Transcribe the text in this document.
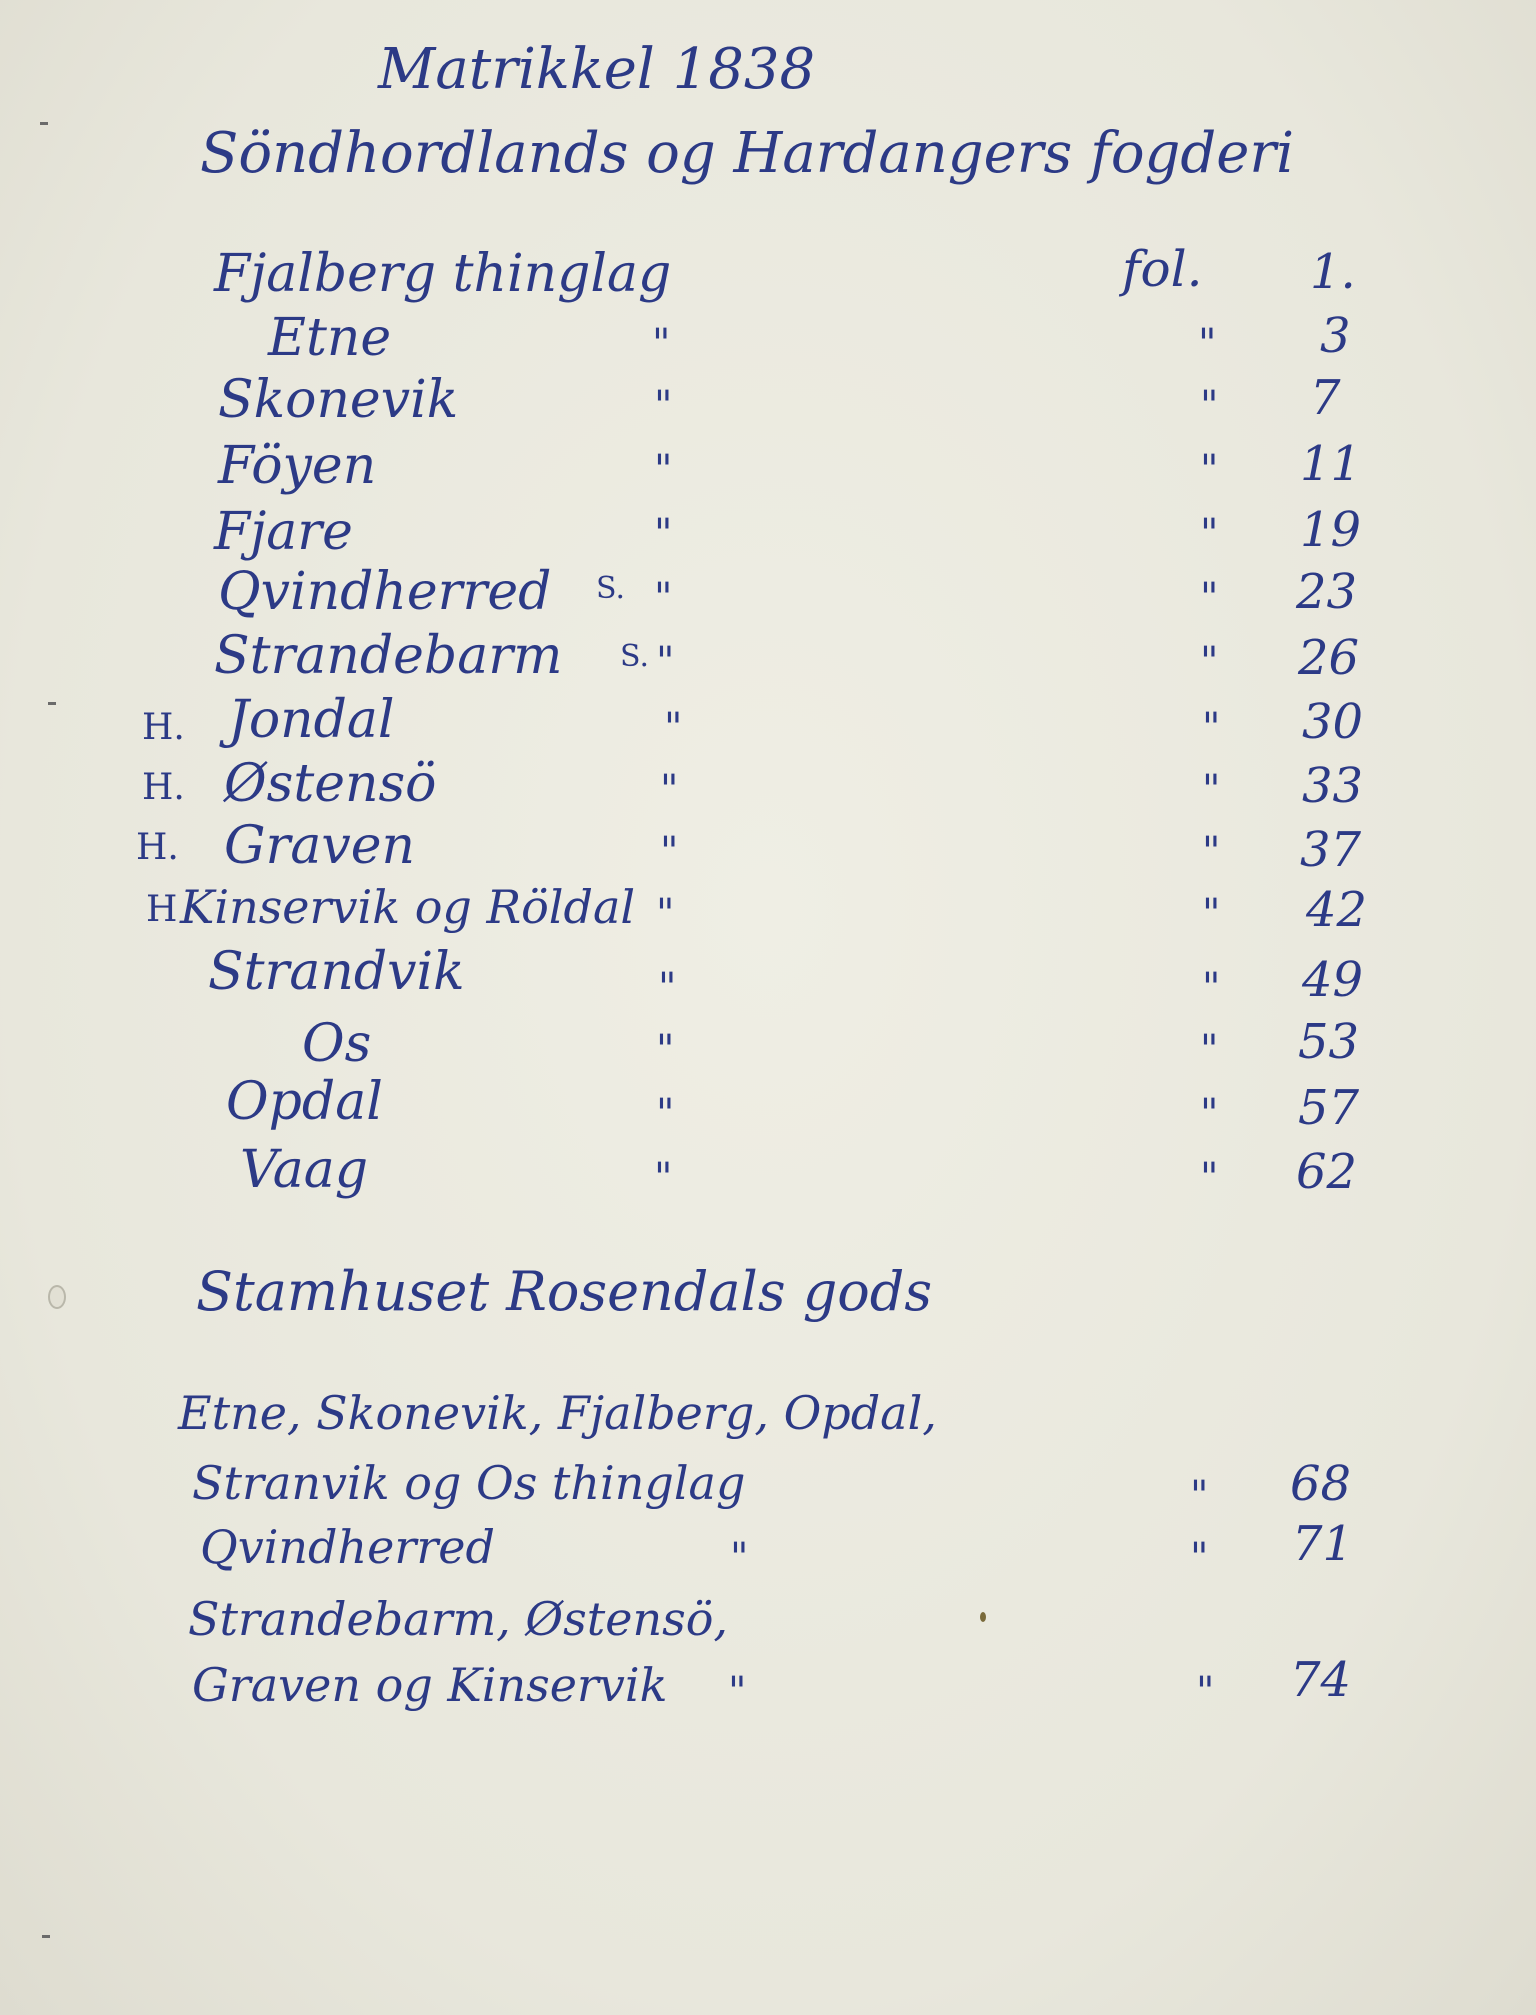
Matrikkel 1838
Söndhordlands og Hardangers fogderi
Fjalberg thinglag	fol. 1.
Etne	"	" 3
Skonevik	"	" 7
Föyen	"	" 11
Fjare	"	" 19
Qvindherred S. "	" 23
Strandebarm S. "	" 26
H. Jondal	"	" 30
H. Østensö	"	" 33
H. Graven	"	" 37
H Kinservik og Röldal "	" 42
Strandvik	"	" 49
Os	"	" 53
Opdal	"	" 57
Vaag	"	" 62
Stamhuset Rosendals gods
Etne, Skonevik, Fjalberg, Opdal,
Stranvik og Os thinglag	" 68
Qvindherred	"	" 71
Strandebarm, Østensö,
Graven og Kinservik "	" 74
